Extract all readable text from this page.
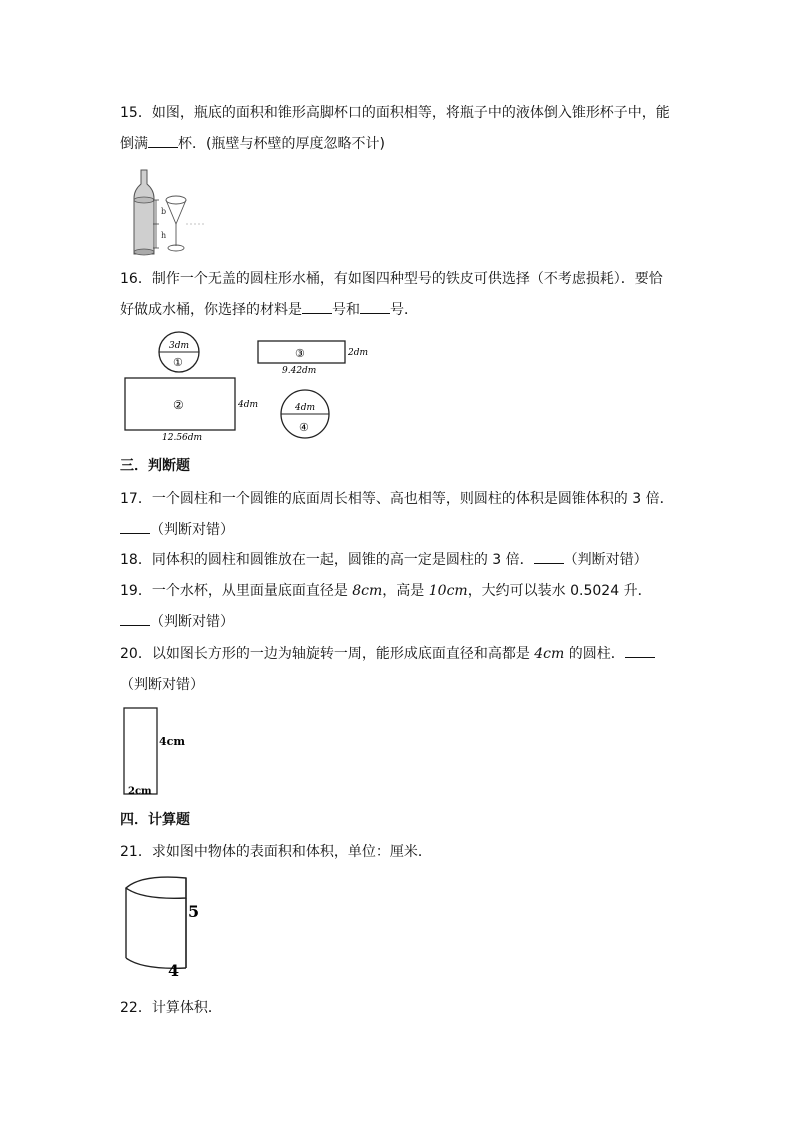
15．如图，瓶底的面积和锥形高脚杯口的面积相等，将瓶子中的液体倒入锥形杯子中，能倒满 杯．(瓶壁与杯壁的厚度忽略不计)

b
h

16．制作一个无盖的圆柱形水桶，有如图四种型号的铁皮可供选择（不考虑损耗）．要恰好做成水桶，你选择的材料是 号和 号．

3dm
①
③	2dm
9.42dm
②	4dm
12.56dm
4dm
④

三．判断题

17．一个圆柱和一个圆锥的底面周长相等、高也相等，则圆柱的体积是圆锥体积的 3 倍．（判断对错）

18．同体积的圆柱和圆锥放在一起，圆锥的高一定是圆柱的 3 倍． （判断对错）

19．一个水杯，从里面量底面直径是 8cm，高是 10cm，大约可以装水 0.5024 升．（判断对错）

20．以如图长方形的一边为轴旋转一周，能形成底面直径和高都是 4cm 的圆柱．（判断对错）

4cm
2cm

四．计算题

21．求如图中物体的表面积和体积，单位：厘米．

5
4

22．计算体积．
